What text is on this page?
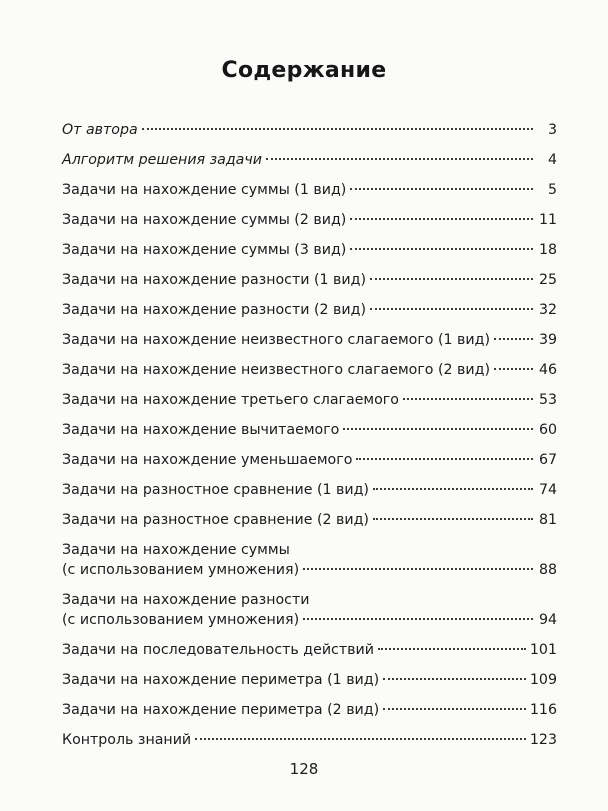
Содержание
От автора	3
Алгоритм решения задачи	4
Задачи на нахождение суммы (1 вид)	5
Задачи на нахождение суммы (2 вид)	11
Задачи на нахождение суммы (3 вид)	18
Задачи на нахождение разности (1 вид)	25
Задачи на нахождение разности (2 вид)	32
Задачи на нахождение неизвестного слагаемого (1 вид)	39
Задачи на нахождение неизвестного слагаемого (2 вид)	46
Задачи на нахождение третьего слагаемого	53
Задачи на нахождение вычитаемого	60
Задачи на нахождение уменьшаемого	67
Задачи на разностное сравнение (1 вид)	74
Задачи на разностное сравнение (2 вид)	81
Задачи на нахождение суммы
(с использованием умножения)	88
Задачи на нахождение разности
(с использованием умножения)	94
Задачи на последовательность действий	101
Задачи на нахождение периметра (1 вид)	109
Задачи на нахождение периметра (2 вид)	116
Контроль знаний	123
128
